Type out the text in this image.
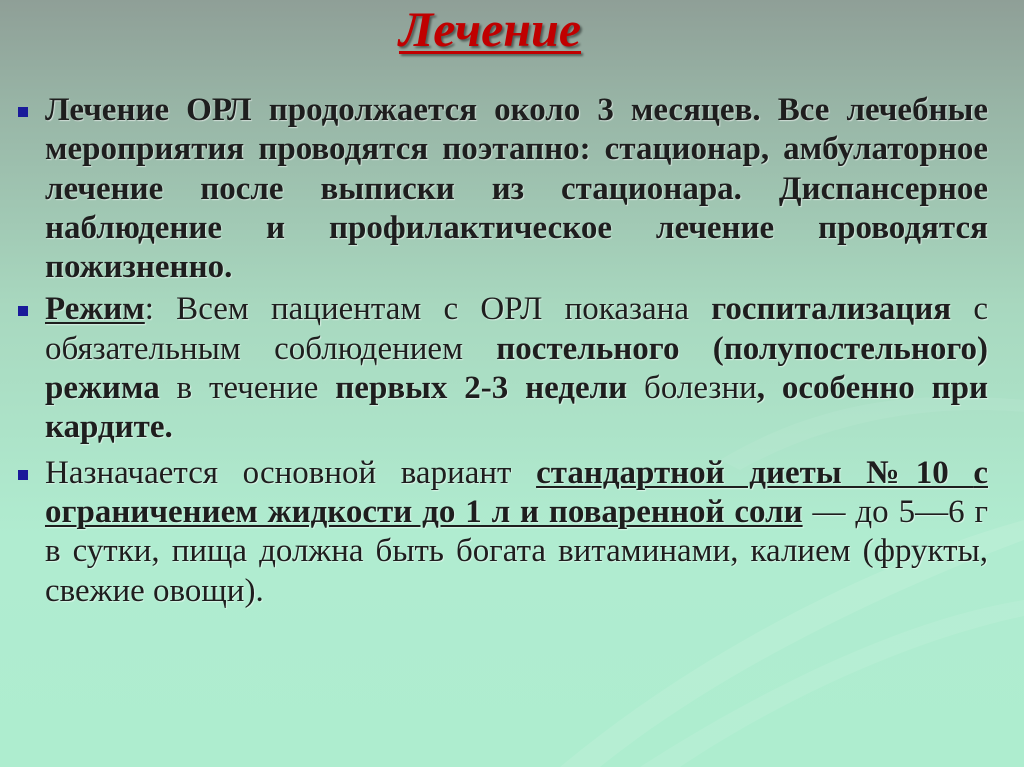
Лечение
Лечение ОРЛ продолжается около 3 месяцев. Все лечебные мероприятия проводятся поэтапно: стационар, амбулаторное лечение после выписки из стационара. Диспансерное наблюдение и профилактическое лечение проводятся пожизненно.
Режим: Всем пациентам с ОРЛ показана госпитализация с обязательным соблюдением постельного (полупостельного) режима в течение первых 2-3 недели болезни, особенно при кардите.
Назначается основной вариант стандартной диеты №10 с ограничением жидкости до 1 л и поваренной соли — до 5—6 г в сутки, пища должна быть богата витаминами, калием (фрукты, свежие овощи).
